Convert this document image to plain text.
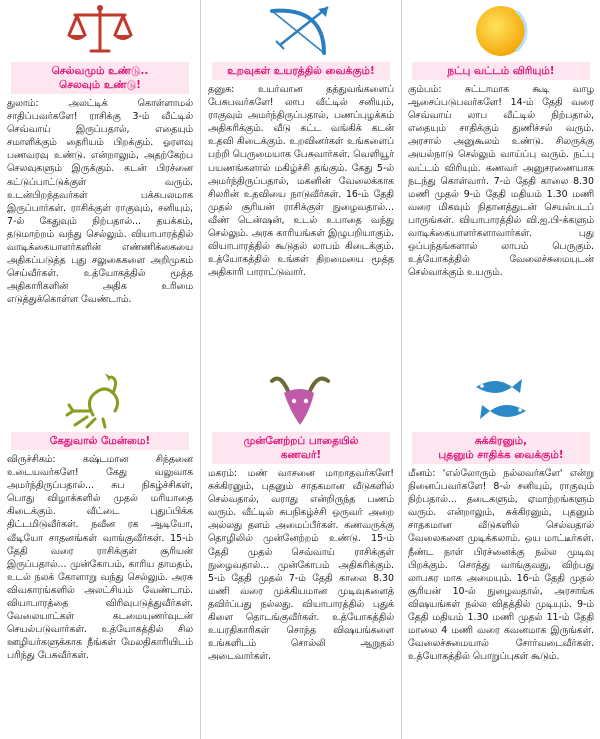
செல்வமும் உண்டு..
செலவும் உண்டு!
துலாம்: அலட்டிக் கொள்ளாமல் சாதிப்பவர்களே! ராசிக்கு 3-ம் வீட்டில் செவ்வாய் இருப்பதால், எதையும் சமாளிக்கும் தைரியம் பிறக்கும். ஓரளவு பணவரவு உண்டு. என்றாலும், அதற்கேற்ப செலவுகளும் இருக்கும். கடன் பிரச்னை கட்டுப்பாட்டுக்குள் வரும். உடன்பிறந்தவர்கள் பக்கபலமாக இருப்பார்கள். ராசிக்குள் ராகுவும், சனியும், 7-ல் கேதுவும் நிற்பதால்... தயக்கம், தடுமாற்றம் வந்து செல்லும். வியாபாரத்தில் வாடிக்கையாளர்களின் எண்ணிக்கையை அதிகப்படுத்த புது சலுகைகளை அறிமுகம் செய்வீர்கள். உத்யோகத்தில் மூத்த அதிகாரிகளின் அதிக உரிமை எடுத்துக்கொள்ள வேண்டாம்.
உறவுகள் உயரத்தில் வைக்கும்!
தனுசு: உயர்வான தத்துவங்களைப் பேசுபவர்களே! லாப வீட்டில் சனியும், ராகுவும் அமர்ந்திருப்பதால், பணப்புழக்கம் அதிகரிக்கும். வீடு கட்ட வங்கிக் கடன் உதவி கிடைக்கும். உறவினர்கள் உங்களைப் பற்றி பெருமையாக பேசுவார்கள். வெளியூர் பயணங்களால் மகிழ்ச்சி தங்கும். கேது 5-ல் அமர்ந்திருப்பதால், மகனின் வேலைக்காக சிலரின் உதவியை நாடுவீர்கள். 16-ம் தேதி முதல் சூரியன் ராசிக்குள் நுழைவதால்... வீண் டென்ஷன், உடல் உபாதை வந்து செல்லும். அரசு காரியங்கள் இழுபறியாகும். வியாபாரத்தில் கூடுதல் லாபம் கிடைக்கும். உத்யோகத்தில் உங்கள் திறமையை மூத்த அதிகாரி பாராட்டுவார்.
நட்பு வட்டம் விரியும்!
கும்பம்: சுட்டாமாக கூடி வாழ ஆசைப்படுபவர்களே! 14-ம் தேதி வரை செவ்வாய் லாப வீட்டில் நிற்பதால், எதையும் சாதிக்கும் துணிச்சல் வரும். அரசால் அனுகூலம் உண்டு. சிலருக்கு அயல்நாடு செல்லும் வாய்ப்பு வரும். நட்பு வட்டம் விரியும். கணவர் அனுசரணையாக நடந்து கொள்வார். 7-ம் தேதி காலை 8.30 மணி முதல் 9-ம் தேதி மதியம் 1.30 மணி வரை மிகவும் நிதானத்துடன் செயல்படப் பாருங்கள். வியாபாரத்தில் வி.ஐ.பி-க்களும் வாடிக்கையாளர்களாவார்கள். புது ஒப்பந்தங்களால் லாபம் பெருகும். உத்யோகத்தில் வேலைச்சுமையுடன் செல்வாக்கும் உயரும்.
கேதுவால் மேன்மை!
விருச்சிகம்: கஷ்டமான சிந்தனை உடையவர்களே! கேது வலுவாக அமர்ந்திருப்பதால்... சுப நிகழ்ச்சிகள், பொது விழாக்களில் முதல் மரியாதை கிடைக்கும். வீட்டை புதுப்பிக்க திட்டமிடுவீர்கள். நவீன ரக ஆடியோ, வீடியோ சாதனங்கள் வாங்குவீர்கள். 15-ம் தேதி வரை ராசிக்குள் சூரியன் இருப்பதால்... முன்கோபம், காரிய தாமதம், உடல் நலக் கோளாறு வந்து செல்லும். அரசு விவகாரங்களில் அலட்சியம் வேண்டாம். வியாபாரத்தை விரிவுபடுத்துவீர்கள். வேலையாட்கள் கடமையுணர்வுடன் செயல்படுவார்கள். உத்யோகத்தில் சில ஊழியர்களுக்காக நீங்கள் மேலதிகாரியிடம் பரிந்து பேசுவீர்கள்.
முன்னேற்றப் பாதையில்
கணவர்!
மகரம்: மண் வாசனை மாறாதவர்களே! சுக்கிரனும், புதனும் சாதகமான வீடுகளில் செல்வதால், வராது என்றிருந்த பணம் வரும். வீட்டில் சுபநிகழ்ச்சி ஒருவர் அறை அல்லது தளம் அமைப்பீர்கள். கணவருக்கு தொழிலில் முன்னேற்றம் உண்டு. 15-ம் தேதி முதல் செவ்வாய் ராசிக்குள் நுழைவதால்... முன்கோபம் அதிகரிக்கும். 5-ம் தேதி முதல் 7-ம் தேதி காலை 8.30 மணி வரை முக்கியமான முடிவுகளைத் தவிர்ப்பது நல்லது. வியாபாரத்தில் புதுக் கிளை தொடங்குவீர்கள். உத்யோகத்தில் உயரதிகாரிகள் சொந்த விஷயங்களை உங்களிடம் சொல்லி ஆறுதல் அடைவார்கள்.
சுக்கிரனும்,
புதனும் சாதிக்க வைக்கும்!
மீனம்: 'எல்லோரும் நல்லவர்களே' என்று நினைப்பவர்களே! 8-ல் சனியும், ராகுவும் நிற்பதால்... தடைகளும், ஏமாற்றங்களும் வரும். என்றாலும், சுக்கிரனும், புதனும் சாதகமான வீடுகளில் செல்வதால் வேலைகளை முடிக்கலாம். ஒய மாட்டீர்கள். நீண்ட நாள் பிரச்னைக்கு நல்ல முடிவு பிறக்கும். சொத்து வாங்குவது, விற்பது லாபகர மாக அமையும். 16-ம் தேதி முதல் சூரியன் 10-ல் நுழைவதால், அரசாங்க விஷயங்கள் நல்ல விதத்தில் முடியும். 9-ம் தேதி மதியம் 1.30 மணி முதல் 11-ம் தேதி மாலை 4 மணி வரை கவனமாக இருங்கள். வேலைச்சுமையால் சோர்வடைவீர்கள். உத்யோகத்தில் பொறுப்புகள் கூடும்.
